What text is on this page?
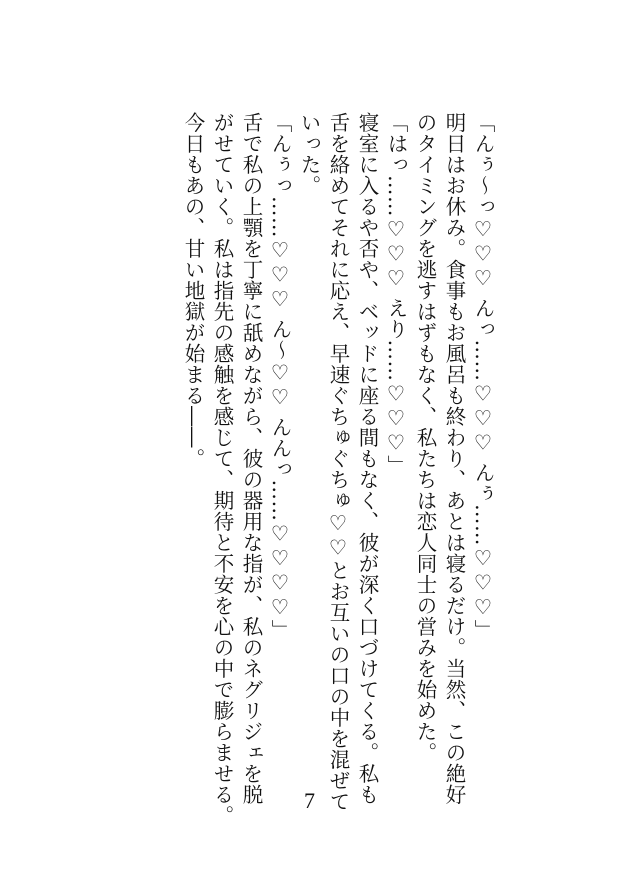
「んぅ〜っ♡♡♡ んっ……♡♡♡ んぅ……♡♡♡」
明日はお休み。食事もお風呂も終わり、あとは寝るだけ。当然、この絶好
のタイミングを逃すはずもなく、私たちは恋人同士の営みを始めた。
「はっ……♡♡♡ えり……♡♡♡」
寝室に入るや否や、ベッドに座る間もなく、彼が深く口づけてくる。私も
舌を絡めてそれに応え、早速ぐちゅぐちゅ♡♡とお互いの口の中を混ぜて
いった。
「んぅっ……♡♡♡ ん〜♡♡ んんっ……♡♡♡♡」
舌で私の上顎を丁寧に舐めながら、彼の器用な指が、私のネグリジェを脱
がせていく。私は指先の感触を感じて、期待と不安を心の中で膨らませる。
今日もあの、甘い地獄が始まる――。
7
